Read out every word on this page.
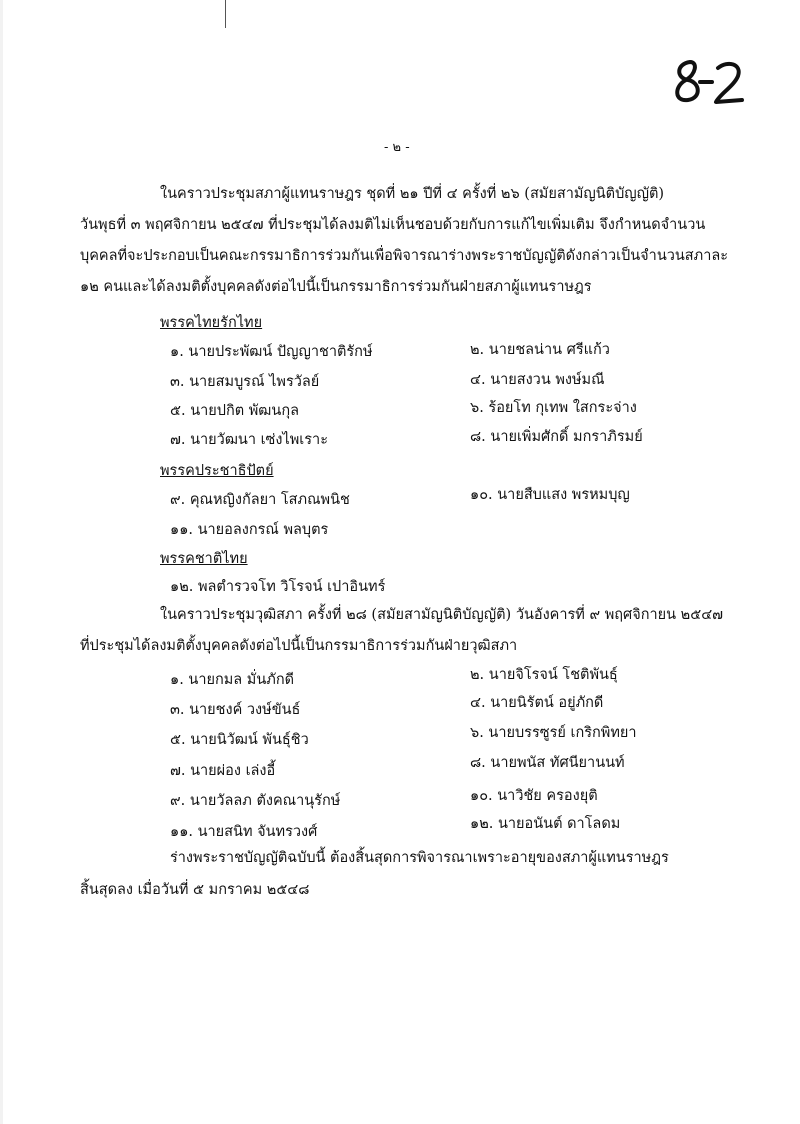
- ๒ -
ในคราวประชุมสภาผู้แทนราษฎร ชุดที่ ๒๑ ปีที่ ๔ ครั้งที่ ๒๖ (สมัยสามัญนิติบัญญัติ)
วันพุธที่ ๓ พฤศจิกายน ๒๕๔๗ ที่ประชุมได้ลงมติไม่เห็นชอบด้วยกับการแก้ไขเพิ่มเติม จึงกำหนดจำนวน
บุคคลที่จะประกอบเป็นคณะกรรมาธิการร่วมกันเพื่อพิจารณาร่างพระราชบัญญัติดังกล่าวเป็นจำนวนสภาละ
๑๒ คนและได้ลงมติตั้งบุคคลดังต่อไปนี้เป็นกรรมาธิการร่วมกันฝ่ายสภาผู้แทนราษฎร
พรรคไทยรักไทย
๑. นายประพัฒน์ ปัญญาชาติรักษ์	๒. นายชลน่าน ศรีแก้ว
๓. นายสมบูรณ์ ไพรวัลย์	๔. นายสงวน พงษ์มณี
๕. นายปกิต พัฒนกุล	๖. ร้อยโท กุเทพ ใสกระจ่าง
๗. นายวัฒนา เซ่งไพเราะ	๘. นายเพิ่มศักดิ์ มกราภิรมย์
พรรคประชาธิปัตย์
๙. คุณหญิงกัลยา โสภณพนิช	๑๐. นายสืบแสง พรหมบุญ
๑๑. นายอลงกรณ์ พลบุตร
พรรคชาติไทย
๑๒. พลตำรวจโท วิโรจน์ เปาอินทร์
ในคราวประชุมวุฒิสภา ครั้งที่ ๒๘ (สมัยสามัญนิติบัญญัติ) วันอังคารที่ ๙ พฤศจิกายน ๒๕๔๗
ที่ประชุมได้ลงมติตั้งบุคคลดังต่อไปนี้เป็นกรรมาธิการร่วมกันฝ่ายวุฒิสภา
๑. นายกมล มั่นภักดี	๒. นายจิโรจน์ โชติพันธุ์
๓. นายชงค์ วงษ์ขันธ์	๔. นายนิรัตน์ อยู่ภักดี
๕. นายนิวัฒน์ พันธุ์ชิว	๖. นายบรรซูรย์ เกริกพิทยา
๗. นายผ่อง เล่งอี้	๘. นายพนัส ทัศนียานนท์
๙. นายวัลลภ ตังคณานุรักษ์	๑๐. นาวิชัย ครองยุติ
๑๑. นายสนิท จันทรวงศ์	๑๒. นายอนันต์ ดาโลดม
ร่างพระราชบัญญัติฉบับนี้ ต้องสิ้นสุดการพิจารณาเพราะอายุของสภาผู้แทนราษฎร
สิ้นสุดลง เมื่อวันที่ ๕ มกราคม ๒๕๔๘
